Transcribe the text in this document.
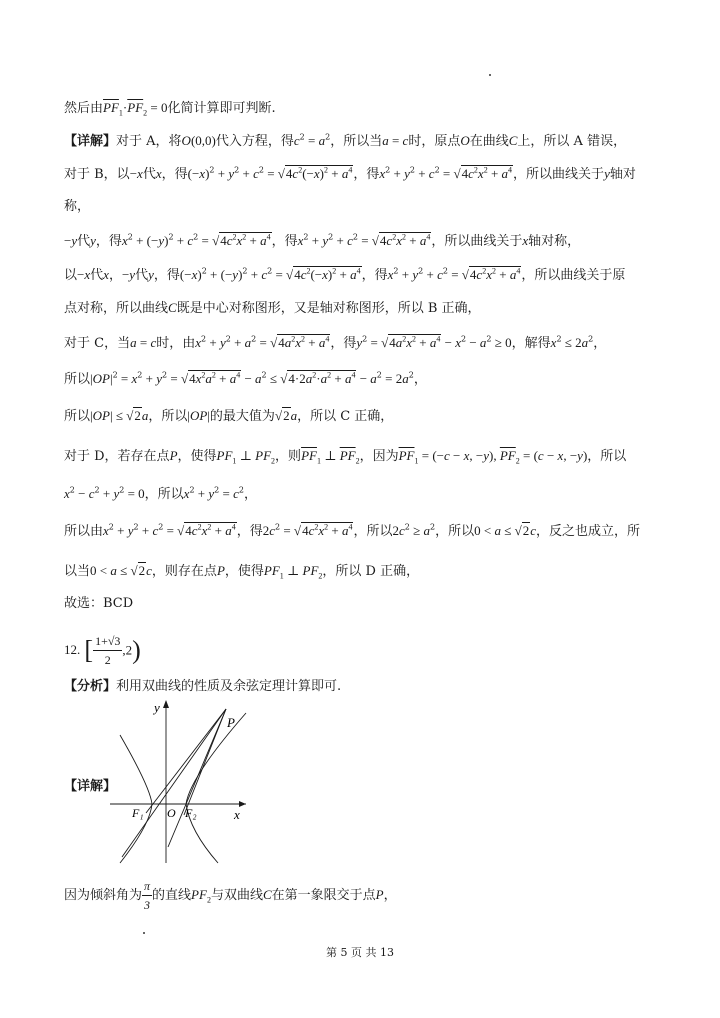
然后由$\overline{PF}_1\cdot\overline{PF}_2 = 0$化简计算即可判断.
【详解】对于 A，将O(0,0)代入方程，得$c^2 = a^2$，所以当a = c时，原点O在曲线C上，所以 A 错误，
对于 B，以−x代x，得$(-x)^2 + y^2 + c^2 = √4c^2(-x)^2 + a^4$，得$x^2 + y^2 + c^2 = √4c^2x^2 + a^4$，所以曲线关于y轴对
称，
−y代y，得$x^2 + (-y)^2 + c^2 = √4c^2x^2 + a^4$，得$x^2 + y^2 + c^2 = √4c^2x^2 + a^4$，所以曲线关于x轴对称，
以−x代x，−y代y，得$(-x)^2 + (-y)^2 + c^2 = √4c^2(-x)^2 + a^4$，得$x^2 + y^2 + c^2 = √4c^2x^2 + a^4$，所以曲线关于原
点对称，所以曲线C既是中心对称图形，又是轴对称图形，所以 B 正确，
对于 C，当a = c时，由$x^2 + y^2 + a^2 = √4a^2x^2 + a^4$，得$y^2 = √4a^2x^2 + a^4 - x^2 - a^2 \ge 0$，解得$x^2 \le 2a^2$，
所以$|OP|^2 = x^2 + y^2 = √4x^2a^2 + a^4 - a^2 \le √4\cdot 2a^2\cdot a^2 + a^4 - a^2 = 2a^2$，
所以|OP| ≤ √2a，所以|OP|的最大值为√2a，所以 C 正确，
对于 D，若存在点P，使得$PF_1$ ⊥ $PF_2$，则$\overline{PF}_1$ ⊥ $\overline{PF}_2$，因为$\overline{PF}_1 = (-c - x$, −y), $\overline{PF}_2 = (c - x$, −y)，所以
$x^2 - c^2 + y^2 = 0$，所以$x^2 + y^2 = c^2$，
所以由$x^2 + y^2 + c^2 = √4c^2x^2 + a^4$，得$2c^2 = √4c^2x^2 + a^4$，所以$2c^2 \ge a^2$，所以0 < a ≤ √2c，反之也成立，所
以当0 < a ≤ √2c，则存在点P，使得$PF_1$ ⊥ $PF_2$，所以 D 正确，
故选：BCD
12. [ $\frac{1+√3}{2} ,2$)
【分析】利用双曲线的性质及余弦定理计算即可.
y
x
P
F₁ O F₂
【详解】
因为倾斜角为 $\frac{\pi}{3}$ 的直线$PF_2$与双曲线C在第一象限交于点P，
第 5 页 共 13
